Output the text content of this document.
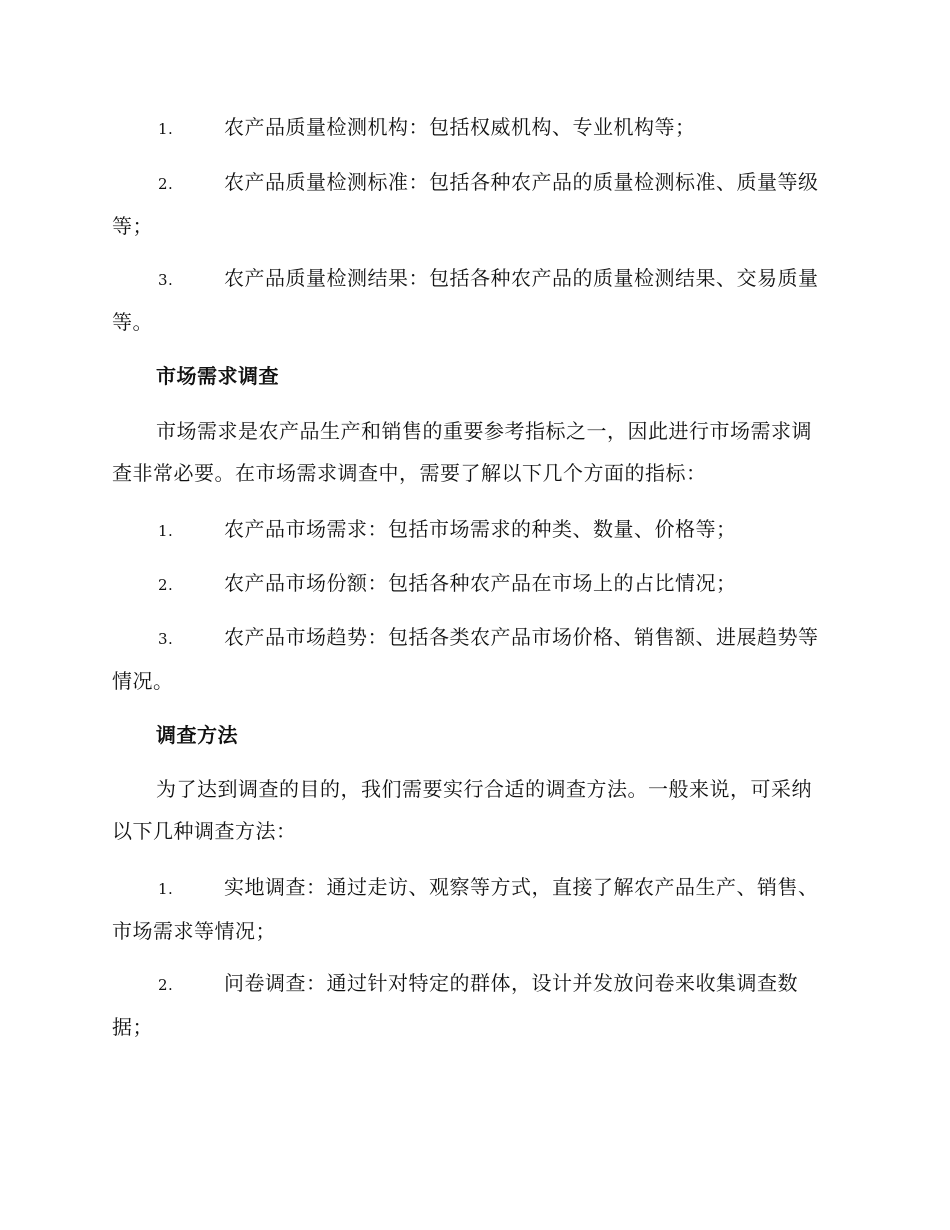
1.	农产品质量检测机构：包括权威机构、专业机构等；
2.	农产品质量检测标准：包括各种农产品的质量检测标准、质量等级等；
3.	农产品质量检测结果：包括各种农产品的质量检测结果、交易质量等。
市场需求调查
市场需求是农产品生产和销售的重要参考指标之一，因此进行市场需求调查非常必要。在市场需求调查中，需要了解以下几个方面的指标：
1.	农产品市场需求：包括市场需求的种类、数量、价格等；
2.	农产品市场份额：包括各种农产品在市场上的占比情况；
3.	农产品市场趋势：包括各类农产品市场价格、销售额、进展趋势等情况。
调查方法
为了达到调查的目的，我们需要实行合适的调查方法。一般来说，可采纳以下几种调查方法：
1.	实地调查：通过走访、观察等方式，直接了解农产品生产、销售、市场需求等情况；
2.	问卷调查：通过针对特定的群体，设计并发放问卷来收集调查数据；
